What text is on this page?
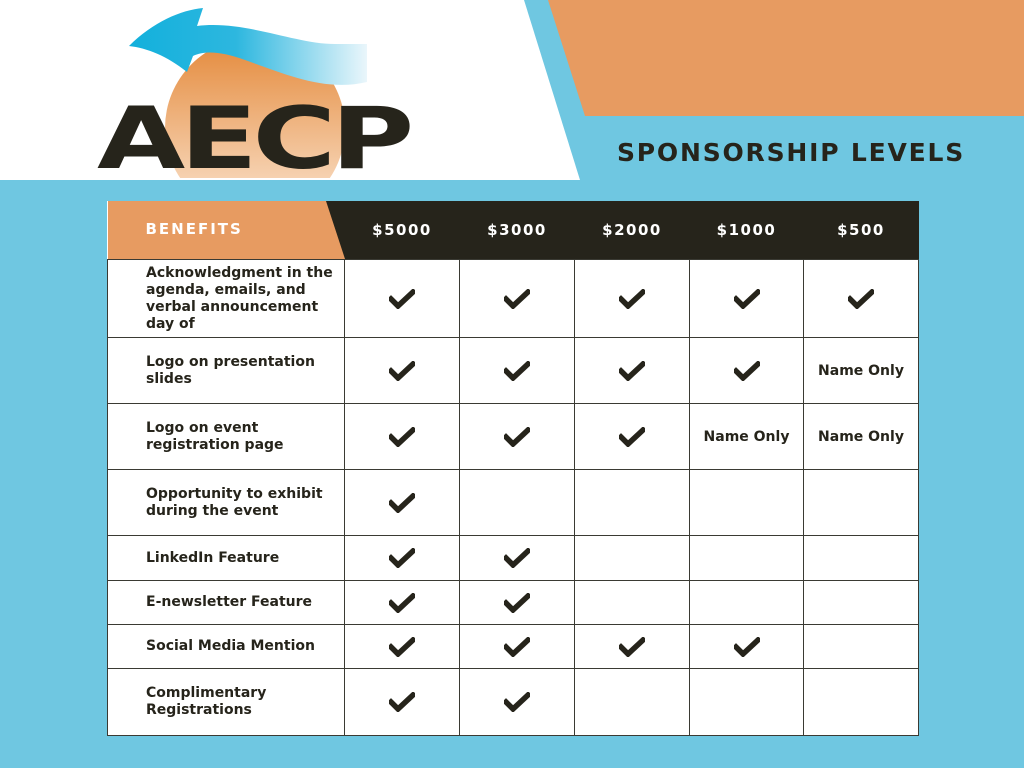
AECP	SPONSORSHIP LEVELS
BENEFITS	$5000	$3000	$2000	$1000	$500
Acknowledgment in the agenda, emails, and verbal announcement day of					
Logo on presentation slides					Name Only
Logo on event registration page				Name Only	Name Only
Opportunity to exhibit during the event					
LinkedIn Feature					
E-newsletter Feature					
Social Media Mention					
Complimentary Registrations					
